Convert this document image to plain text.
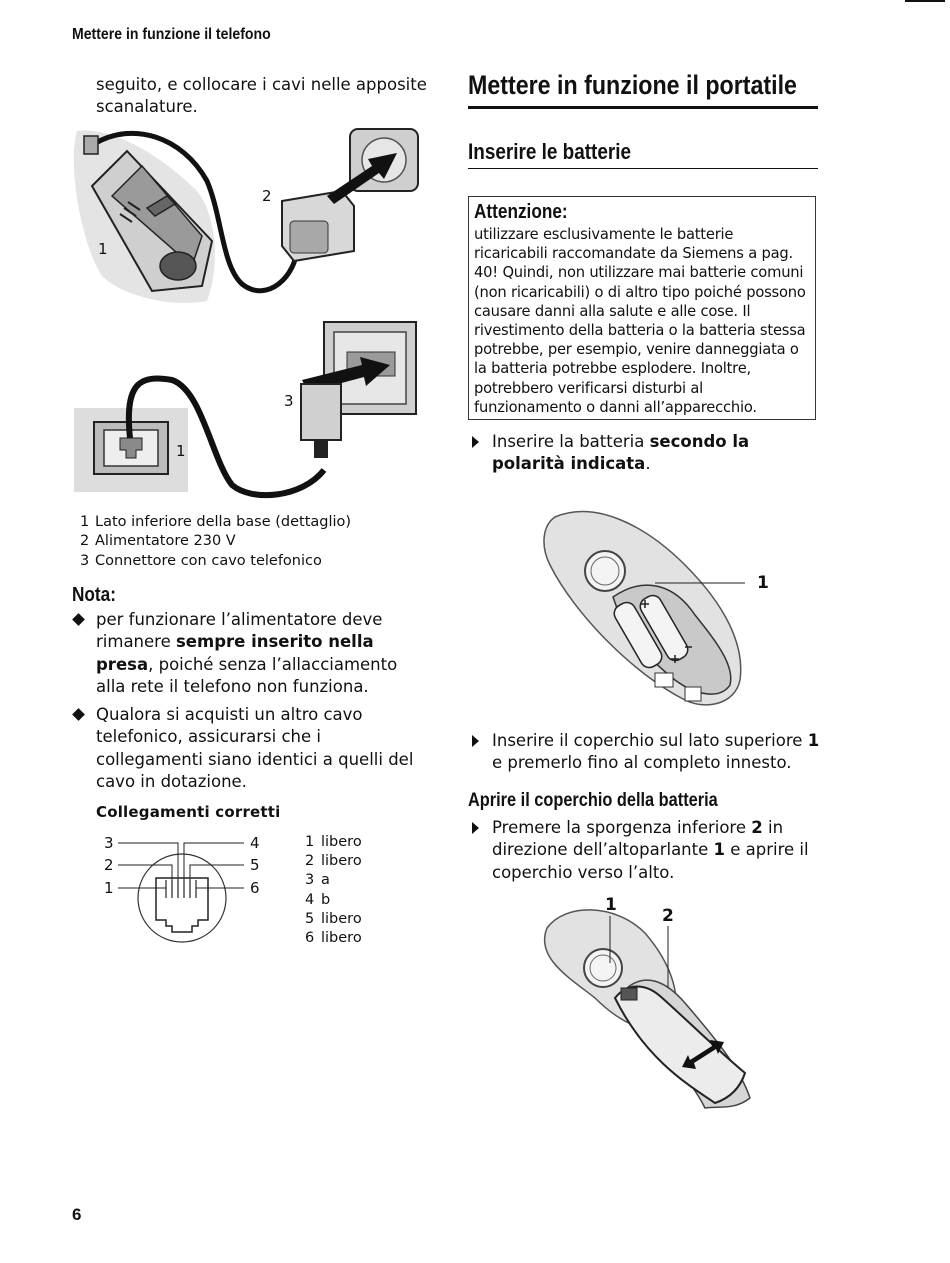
Mettere in funzione il telefono
seguito, e collocare i cavi nelle apposite scanalature.
2
1
3
1
1 Lato inferiore della base (dettaglio)
2 Alimentatore 230 V
3 Connettore con cavo telefonico
Nota:
per funzionare l’alimentatore deve rimanere sempre inserito nella presa, poiché senza l’allacciamento alla rete il telefono non funziona.
Qualora si acquisti un altro cavo telefonico, assicurarsi che i collegamenti siano identici a quelli del cavo in dotazione.
Collegamenti corretti
3
2
1
4
5
6
1 libero
2 libero
3 a
4 b
5 libero
6 libero
Mettere in funzione il portatile
Inserire le batterie
Attenzione:
utilizzare esclusivamente le batterie ricaricabili raccomandate da Siemens a pag. 40! Quindi, non utilizzare mai batterie comuni (non ricaricabili) o di altro tipo poiché possono causare danni alla salute e alle cose. Il rivestimento della batteria o la batteria stessa potrebbe, per esempio, venire danneggiata o la batteria potrebbe esplodere. Inoltre, potrebbero verificarsi disturbi al funzionamento o danni all’apparecchio.
Inserire la batteria secondo la polarità indicata.
1
Inserire il coperchio sul lato superiore 1 e premerlo fino al completo innesto.
Aprire il coperchio della batteria
Premere la sporgenza inferiore 2 in direzione dell’altoparlante 1 e aprire il coperchio verso l’alto.
1
2
6
